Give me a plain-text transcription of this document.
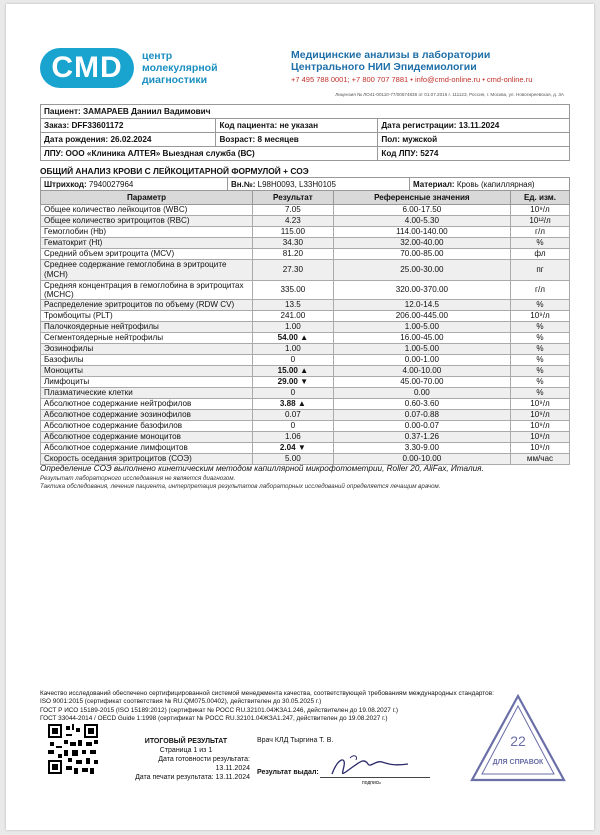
CMD	центр
молекулярной
диагностики
Медицинские анализы в лаборатории
Центрального НИИ Эпидемиологии
+7 495 788 0001; +7 800 707 7881 • info@cmd-online.ru • cmd-online.ru
Лицензия № ЛО41-00110-77/00574836 от 01.07.2016 г. 111123, Россия, г. Москва, ул. Новогиреевская, д. 3А
Пациент: ЗАМАРАЕВ Даниил Вадимович		
Заказ: DFF33601172	Код пациента: не указан	Дата регистрации: 13.11.2024
Дата рождения: 26.02.2024	Возраст: 8 месяцев	Пол: мужской
ЛПУ: ООО «Клиника АЛТЕЯ» Выездная служба (ВС)		Код ЛПУ: 5274
ОБЩИЙ АНАЛИЗ КРОВИ С ЛЕЙКОЦИТАРНОЙ ФОРМУЛОЙ + СОЭ
Штрихкод: 7940027964	Вн.№: L98H0093, L33H0105	Материал: Кровь (капиллярная)
Параметр	Результат	Референсные значения	Ед. изм.
Общее количество лейкоцитов (WBC)	7.05	6.00-17.50	10⁹/л
Общее количество эритроцитов (RBC)	4.23	4.00-5.30	10¹²/л
Гемоглобин (Hb)	115.00	114.00-140.00	г/л
Гематокрит (Ht)	34.30	32.00-40.00	%
Средний объем эритроцита (MCV)	81.20	70.00-85.00	фл
Среднее содержание гемоглобина в эритроците (MCH)	27.30	25.00-30.00	пг
Средняя концентрация в гемоглобина в эритроцитах (MCHC)	335.00	320.00-370.00	г/л
Распределение эритроцитов по объему (RDW CV)	13.5	12.0-14.5	%
Тромбоциты (PLT)	241.00	206.00-445.00	10⁹/л
Палочкоядерные нейтрофилы	1.00	1.00-5.00	%
Сегментоядерные нейтрофилы	54.00 ▲	16.00-45.00	%
Эозинофилы	1.00	1.00-5.00	%
Базофилы	0	0.00-1.00	%
Моноциты	15.00 ▲	4.00-10.00	%
Лимфоциты	29.00 ▼	45.00-70.00	%
Плазматические клетки	0	0.00	%
Абсолютное содержание нейтрофилов	3.88 ▲	0.60-3.60	10⁹/л
Абсолютное содержание эозинофилов	0.07	0.07-0.88	10⁹/л
Абсолютное содержание базофилов	0	0.00-0.07	10⁹/л
Абсолютное содержание моноцитов	1.06	0.37-1.26	10⁹/л
Абсолютное содержание лимфоцитов	2.04 ▼	3.30-9.00	10⁹/л
Скорость оседания эритроцитов (СОЭ)	5.00	0.00-10.00	мм/час
Определение СОЭ выполнено кинетическим методом капиллярной микрофотометрии, Roller 20, AliFax, Италия.
Результат лабораторного исследования не является диагнозом.
Тактика обследования, лечения пациента, интерпретация результатов лабораторных исследований определяется лечащим врачом.
Качество исследований обеспечено сертифицированной системой менеджмента качества, соответствующей требованиям международных стандартов:
ISO 9001:2015 (сертификат соответствия № RU.QM075.00402), действителен до 30.05.2025 г.)
ГОСТ Р ИСО 15189-2015 (ISO 15189:2012) (сертификат № РОСС RU.32101.04ЖЗА1.246, действителен до 19.08.2027 г.)
ГОСТ 33044-2014 / OECD Guide 1:1998 (сертификат № РОСС RU.32101.04ЖЗА1.247, действителен до 19.08.2027 г.)
ИТОГОВЫЙ РЕЗУЛЬТАТ
Страница 1 из 1
Дата готовности результата: 13.11.2024
Дата печати результата: 13.11.2024
Врач КЛД Тыргина Т. В.
Результат выдал:
подпись
22
ДЛЯ СПРАВОК
